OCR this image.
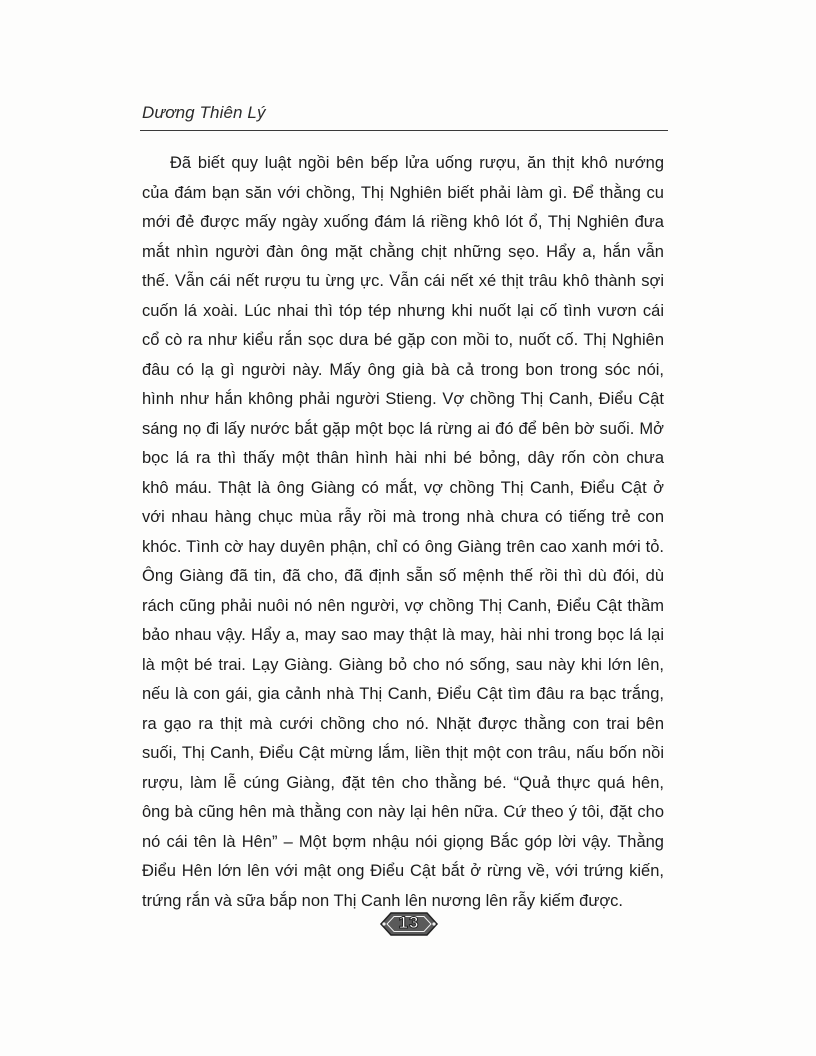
Dương Thiên Lý
Đã biết quy luật ngồi bên bếp lửa uống rượu, ăn thịt khô nướng
của đám bạn săn với chồng, Thị Nghiên biết phải làm gì. Để thằng cu
mới đẻ được mấy ngày xuống đám lá riềng khô lót ổ, Thị Nghiên đưa
mắt nhìn người đàn ông mặt chằng chịt những sẹo. Hẩy a, hắn vẫn
thế. Vẫn cái nết rượu tu ừng ực. Vẫn cái nết xé thịt trâu khô thành sợi
cuốn lá xoài. Lúc nhai thì tóp tép nhưng khi nuốt lại cố tình vươn cái
cổ cò ra như kiểu rắn sọc dưa bé gặp con mồi to, nuốt cố. Thị Nghiên
đâu có lạ gì người này. Mấy ông già bà cả trong bon trong sóc nói,
hình như hắn không phải người Stieng. Vợ chồng Thị Canh, Điểu Cật
sáng nọ đi lấy nước bắt gặp một bọc lá rừng ai đó để bên bờ suối. Mở
bọc lá ra thì thấy một thân hình hài nhi bé bỏng, dây rốn còn chưa
khô máu. Thật là ông Giàng có mắt, vợ chồng Thị Canh, Điểu Cật ở
với nhau hàng chục mùa rẫy rồi mà trong nhà chưa có tiếng trẻ con
khóc. Tình cờ hay duyên phận, chỉ có ông Giàng trên cao xanh mới tỏ.
Ông Giàng đã tin, đã cho, đã định sẵn số mệnh thế rồi thì dù đói, dù
rách cũng phải nuôi nó nên người, vợ chồng Thị Canh, Điểu Cật thầm
bảo nhau vậy. Hẩy a, may sao may thật là may, hài nhi trong bọc lá lại
là một bé trai. Lạy Giàng. Giàng bỏ cho nó sống, sau này khi lớn lên,
nếu là con gái, gia cảnh nhà Thị Canh, Điểu Cật tìm đâu ra bạc trắng,
ra gạo ra thịt mà cưới chồng cho nó. Nhặt được thằng con trai bên
suối, Thị Canh, Điểu Cật mừng lắm, liền thịt một con trâu, nấu bốn nồi
rượu, làm lễ cúng Giàng, đặt tên cho thằng bé. “Quả thực quá hên,
ông bà cũng hên mà thằng con này lại hên nữa. Cứ theo ý tôi, đặt cho
nó cái tên là Hên” – Một bợm nhậu nói giọng Bắc góp lời vậy. Thằng
Điểu Hên lớn lên với mật ong Điểu Cật bắt ở rừng về, với trứng kiến,
trứng rắn và sữa bắp non Thị Canh lên nương lên rẫy kiếm được.
13
